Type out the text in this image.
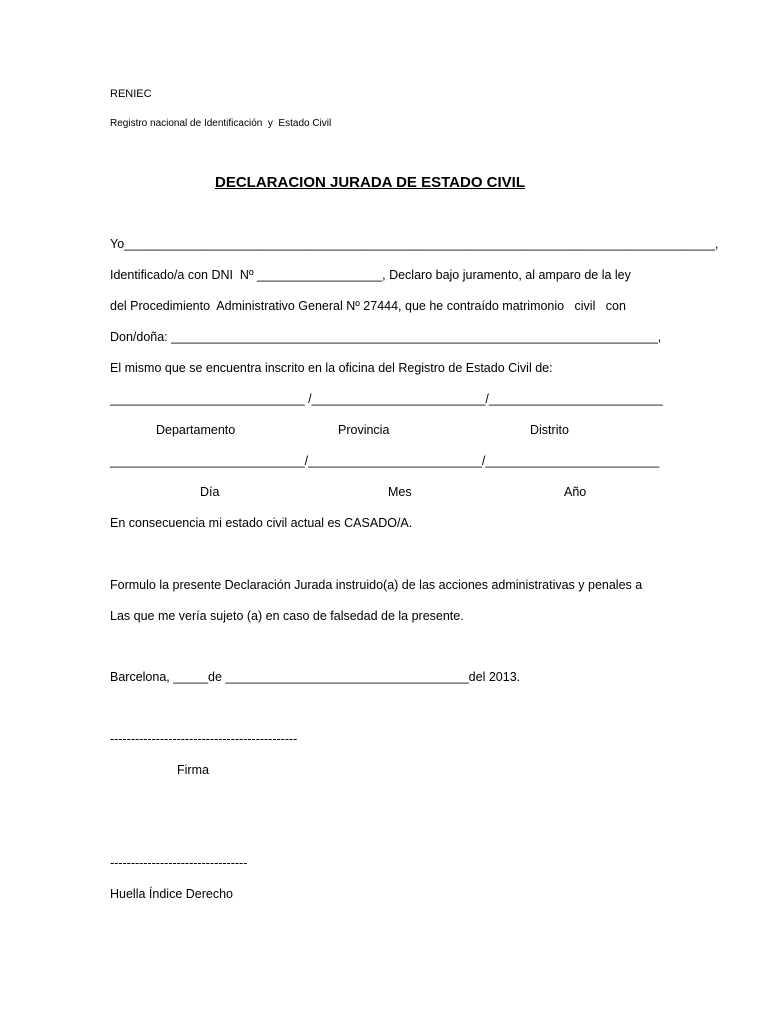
RENIEC
Registro nacional de Identificación  y  Estado Civil
DECLARACION JURADA DE ESTADO CIVIL
Yo_____________________________________________________________________________________,
Identificado/a con DNI  Nº __________________, Declaro bajo juramento, al amparo de la ley
del Procedimiento  Administrativo General Nº 27444, que he contraído matrimonio   civil   con
Don/doña: ______________________________________________________________________,
El mismo que se encuentra inscrito en la oficina del Registro de Estado Civil de:
____________________________ /_________________________/_________________________
Departamento	Provincia	Distrito
____________________________/_________________________/_________________________
Día	Mes	Año
En consecuencia mi estado civil actual es CASADO/A.
Formulo la presente Declaración Jurada instruido(a) de las acciones administrativas y penales a
Las que me vería sujeto (a) en caso de falsedad de la presente.
Barcelona, _____de ___________________________________del 2013.
---------------------------------------------
Firma
---------------------------------
Huella Índice Derecho
